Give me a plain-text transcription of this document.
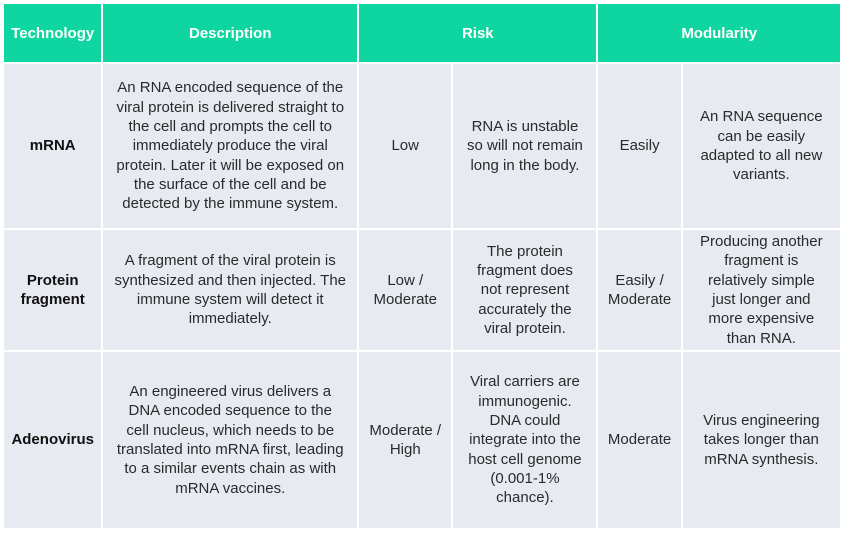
Technology	Description	Risk		Modularity	
mRNA	An RNA encoded sequence of the viral protein is delivered straight to the cell and prompts the cell to immediately produce the viral protein. Later it will be exposed on the surface of the cell and be detected by the immune system.	Low	RNA is unstable so will not remain long in the body.	Easily	An RNA sequence can be easily adapted to all new variants.
Protein fragment	A fragment of the viral protein is synthesized and then injected. The immune system will detect it immediately.	Low / Moderate	The protein fragment does not represent accurately the viral protein.	Easily / Moderate	Producing another fragment is relatively simple just longer and more expensive than RNA.
Adenovirus	An engineered virus delivers a DNA encoded sequence to the cell nucleus, which needs to be translated into mRNA first, leading to a similar events chain as with mRNA vaccines.	Moderate / High	Viral carriers are immunogenic. DNA could integrate into the host cell genome (0.001-1% chance).	Moderate	Virus engineering takes longer than mRNA synthesis.
